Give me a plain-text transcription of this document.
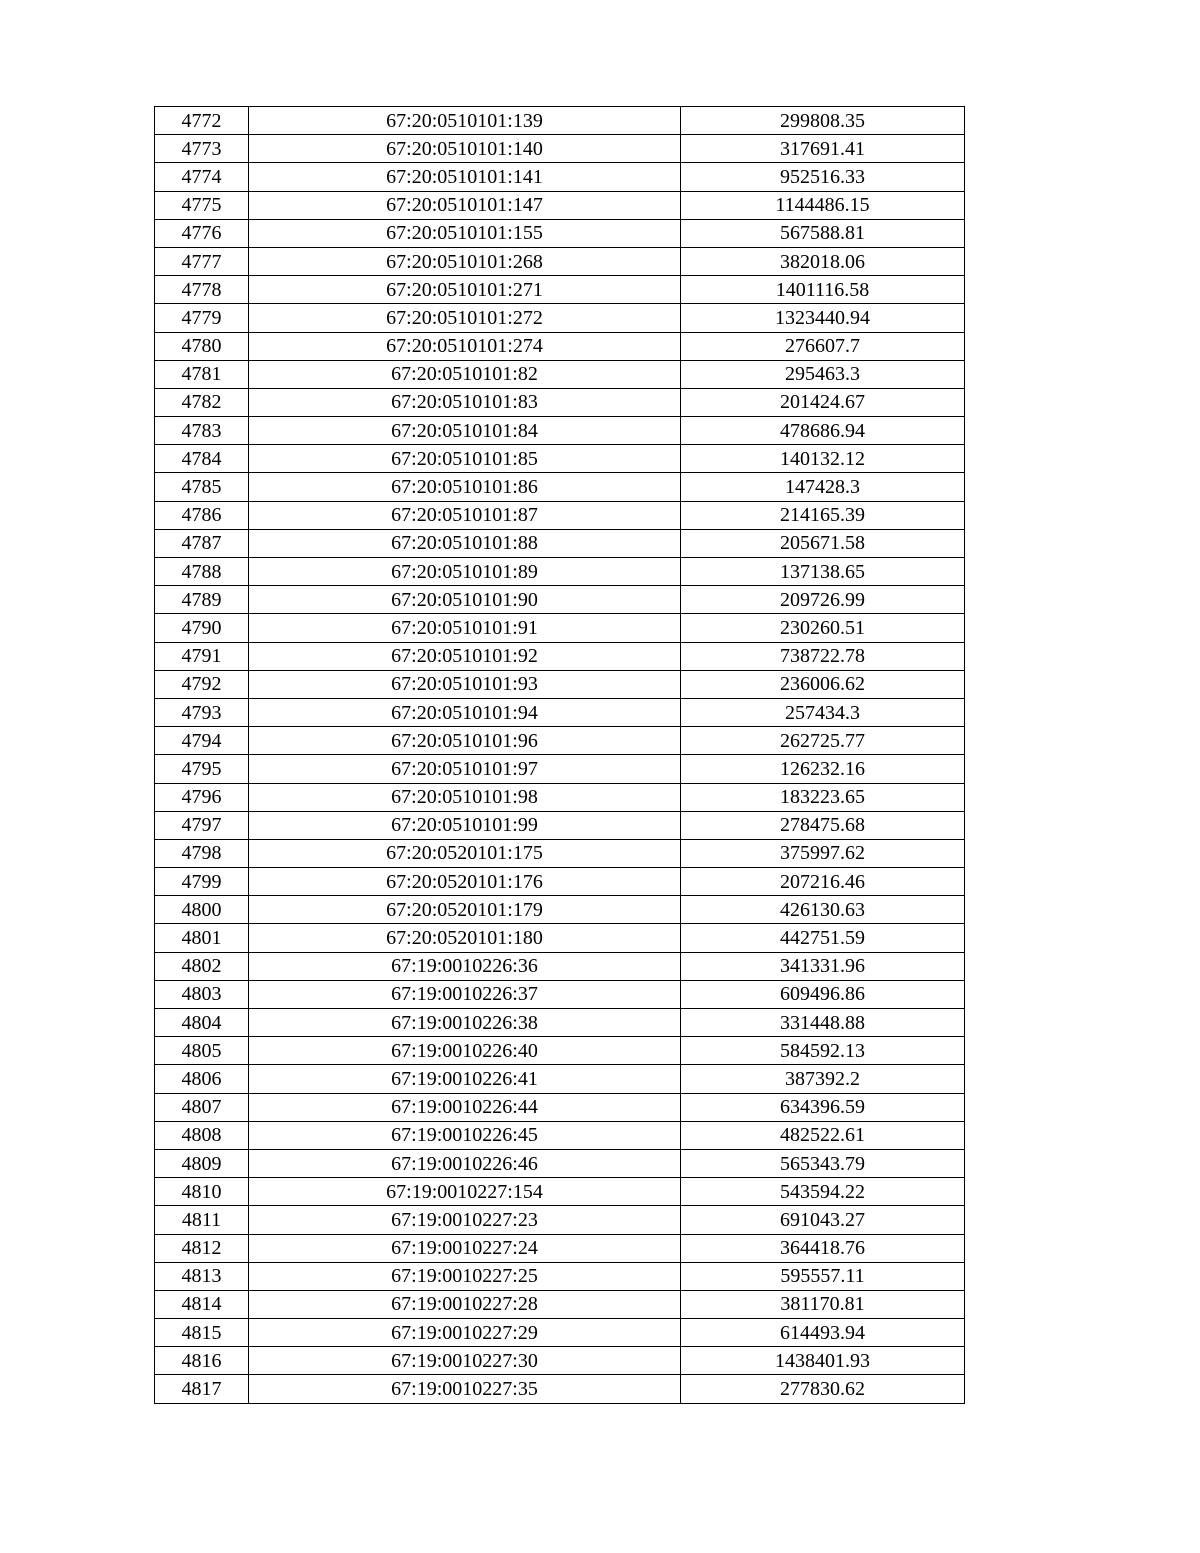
4772	67:20:0510101:139	299808.35
4773	67:20:0510101:140	317691.41
4774	67:20:0510101:141	952516.33
4775	67:20:0510101:147	1144486.15
4776	67:20:0510101:155	567588.81
4777	67:20:0510101:268	382018.06
4778	67:20:0510101:271	1401116.58
4779	67:20:0510101:272	1323440.94
4780	67:20:0510101:274	276607.7
4781	67:20:0510101:82	295463.3
4782	67:20:0510101:83	201424.67
4783	67:20:0510101:84	478686.94
4784	67:20:0510101:85	140132.12
4785	67:20:0510101:86	147428.3
4786	67:20:0510101:87	214165.39
4787	67:20:0510101:88	205671.58
4788	67:20:0510101:89	137138.65
4789	67:20:0510101:90	209726.99
4790	67:20:0510101:91	230260.51
4791	67:20:0510101:92	738722.78
4792	67:20:0510101:93	236006.62
4793	67:20:0510101:94	257434.3
4794	67:20:0510101:96	262725.77
4795	67:20:0510101:97	126232.16
4796	67:20:0510101:98	183223.65
4797	67:20:0510101:99	278475.68
4798	67:20:0520101:175	375997.62
4799	67:20:0520101:176	207216.46
4800	67:20:0520101:179	426130.63
4801	67:20:0520101:180	442751.59
4802	67:19:0010226:36	341331.96
4803	67:19:0010226:37	609496.86
4804	67:19:0010226:38	331448.88
4805	67:19:0010226:40	584592.13
4806	67:19:0010226:41	387392.2
4807	67:19:0010226:44	634396.59
4808	67:19:0010226:45	482522.61
4809	67:19:0010226:46	565343.79
4810	67:19:0010227:154	543594.22
4811	67:19:0010227:23	691043.27
4812	67:19:0010227:24	364418.76
4813	67:19:0010227:25	595557.11
4814	67:19:0010227:28	381170.81
4815	67:19:0010227:29	614493.94
4816	67:19:0010227:30	1438401.93
4817	67:19:0010227:35	277830.62
